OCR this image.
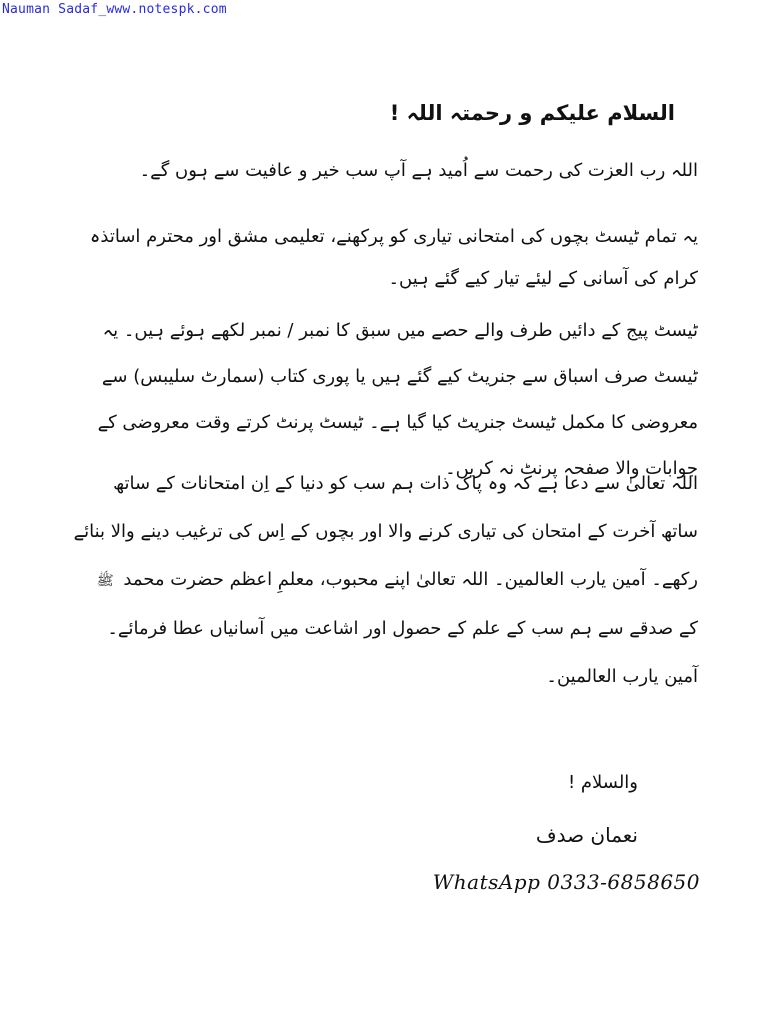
Nauman Sadaf_www.notespk.com
السلام علیکم و رحمتہ اللہ !
اللہ رب العزت کی رحمت سے اُمید ہے آپ سب خیر و عافیت سے ہوں گے۔
یہ تمام ٹیسٹ بچوں کی امتحانی تیاری کو پرکھنے، تعلیمی مشق اور محترم اساتذہ کرام کی آسانی کے لیئے تیار کیے گئے ہیں۔
ٹیسٹ پیج کے دائیں طرف والے حصے میں سبق کا نمبر / نمبر لکھے ہوئے ہیں۔ یہ ٹیسٹ صرف اسباق سے جنریٹ کیے گئے ہیں یا پوری کتاب (سمارٹ سلیبس) سے معروضی کا مکمل ٹیسٹ جنریٹ کیا گیا ہے۔ ٹیسٹ پرنٹ کرتے وقت معروضی کے جوابات والا صفحہ پرنٹ نہ کریں۔
اللہ تعالیٰ سے دعا ہے کہ وہ پاک ذات ہم سب کو دنیا کے اِن امتحانات کے ساتھ ساتھ آخرت کے امتحان کی تیاری کرنے والا اور بچوں کے اِس کی ترغیب دینے والا بنائے رکھے۔ آمین یارب العالمین۔ اللہ تعالیٰ اپنے محبوب، معلمِ اعظم حضرت محمد ﷺ کے صدقے سے ہم سب کے علم کے حصول اور اشاعت میں آسانیاں عطا فرمائے۔
آمین یارب العالمین۔
والسلام !
نعمان صدف
WhatsApp 0333-6858650
